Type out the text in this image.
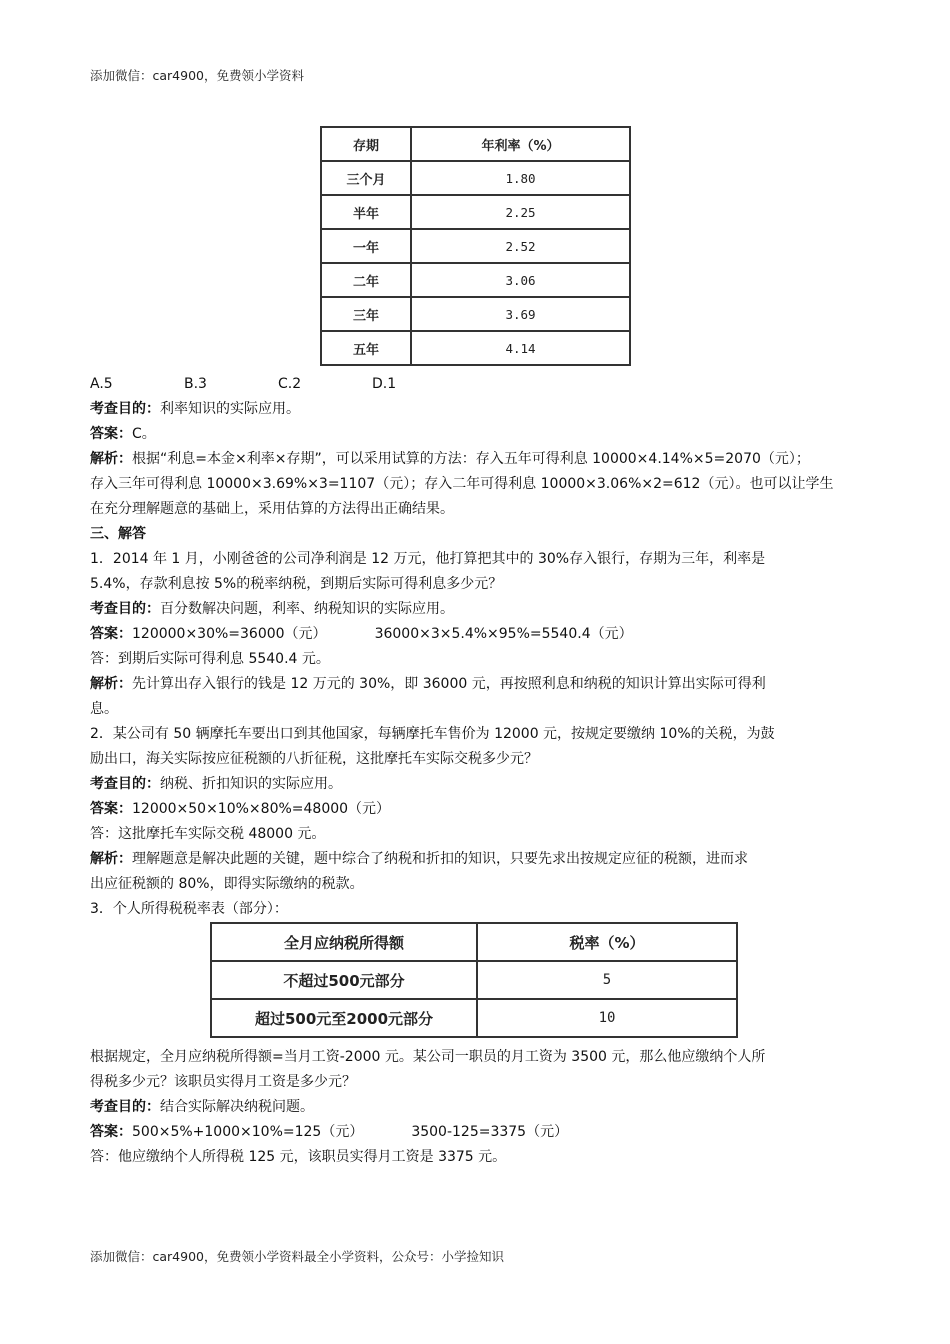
添加微信：car4900，免费领小学资料
存期	年利率（%）
三个月	1.80
半年	2.25
一年	2.52
二年	3.06
三年	3.69
五年	4.14
A.5	B.3	C.2	D.1
考查目的：利率知识的实际应用。
答案：C。
解析：根据“利息=本金×利率×存期”，可以采用试算的方法：存入五年可得利息 10000×4.14%×5=2070（元）；
存入三年可得利息 10000×3.69%×3=1107（元）；存入二年可得利息 10000×3.06%×2=612（元）。也可以让学生
在充分理解题意的基础上，采用估算的方法得出正确结果。
三、解答
1．2014 年 1 月，小刚爸爸的公司净利润是 12 万元，他打算把其中的 30%存入银行，存期为三年，利率是
5.4%，存款利息按 5%的税率纳税，到期后实际可得利息多少元？
考查目的：百分数解决问题，利率、纳税知识的实际应用。
答案：120000×30%=36000（元）	36000×3×5.4%×95%=5540.4（元）
答：到期后实际可得利息 5540.4 元。
解析：先计算出存入银行的钱是 12 万元的 30%，即 36000 元，再按照利息和纳税的知识计算出实际可得利
息。
2．某公司有 50 辆摩托车要出口到其他国家，每辆摩托车售价为 12000 元，按规定要缴纳 10%的关税，为鼓
励出口，海关实际按应征税额的八折征税，这批摩托车实际交税多少元？
考查目的：纳税、折扣知识的实际应用。
答案：12000×50×10%×80%=48000（元）
答：这批摩托车实际交税 48000 元。
解析：理解题意是解决此题的关键，题中综合了纳税和折扣的知识，只要先求出按规定应征的税额，进而求
出应征税额的 80%，即得实际缴纳的税款。
3．个人所得税税率表（部分）：
全月应纳税所得额	税率（%）
不超过500元部分	5
超过500元至2000元部分	10
根据规定，全月应纳税所得额=当月工资-2000 元。某公司一职员的月工资为 3500 元，那么他应缴纳个人所
得税多少元？该职员实得月工资是多少元？
考查目的：结合实际解决纳税问题。
答案：500×5%+1000×10%=125（元）	3500-125=3375（元）
答：他应缴纳个人所得税 125 元，该职员实得月工资是 3375 元。
添加微信：car4900，免费领小学资料最全小学资料，公众号：小学捡知识
